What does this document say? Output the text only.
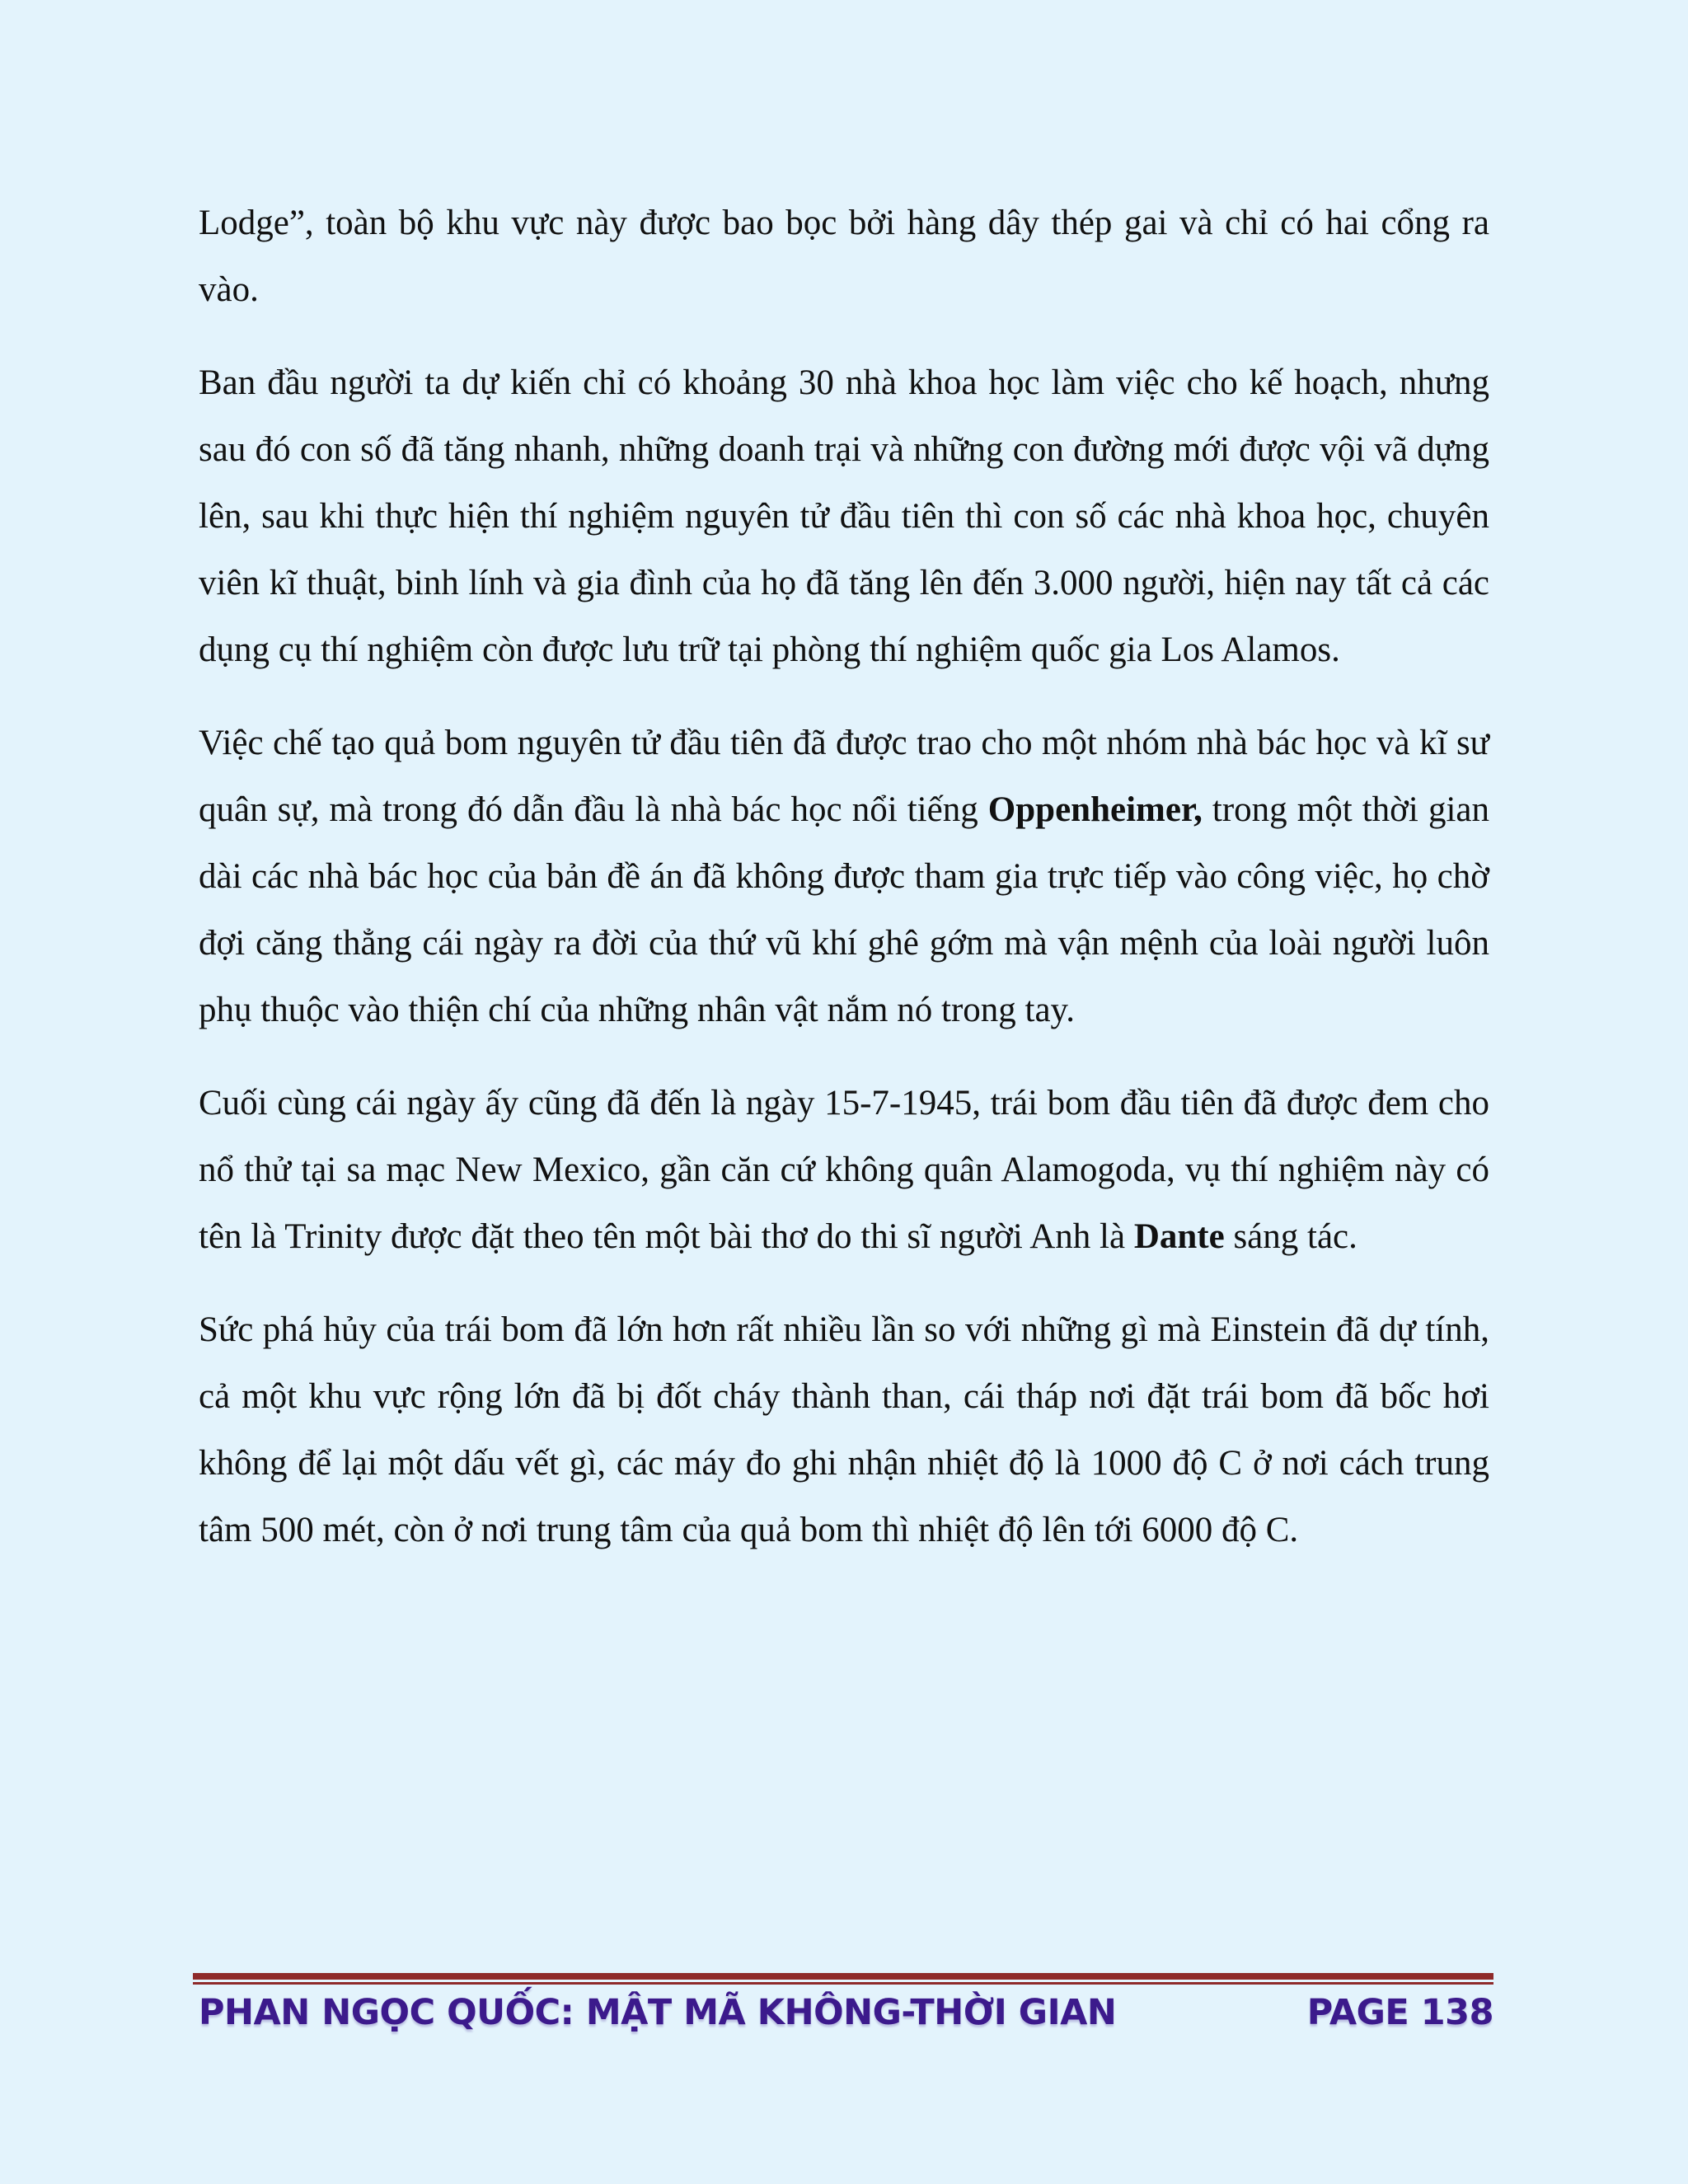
Lodge”, toàn bộ khu vực này được bao bọc bởi hàng dây thép gai và chỉ có hai cổng ra vào.

Ban đầu người ta dự kiến chỉ có khoảng 30 nhà khoa học làm việc cho kế hoạch, nhưng sau đó con số đã tăng nhanh, những doanh trại và những con đường mới được vội vã dựng lên, sau khi thực hiện thí nghiệm nguyên tử đầu tiên thì con số các nhà khoa học, chuyên viên kĩ thuật, binh lính và gia đình của họ đã tăng lên đến 3.000 người, hiện nay tất cả các dụng cụ thí nghiệm còn được lưu trữ tại phòng thí nghiệm quốc gia Los Alamos.

Việc chế tạo quả bom nguyên tử đầu tiên đã được trao cho một nhóm nhà bác học và kĩ sư quân sự, mà trong đó dẫn đầu là nhà bác học nổi tiếng Oppenheimer, trong một thời gian dài các nhà bác học của bản đề án đã không được tham gia trực tiếp vào công việc, họ chờ đợi căng thẳng cái ngày ra đời của thứ vũ khí ghê gớm mà vận mệnh của loài người luôn phụ thuộc vào thiện chí của những nhân vật nắm nó trong tay.

Cuối cùng cái ngày ấy cũng đã đến là ngày 15-7-1945, trái bom đầu tiên đã được đem cho nổ thử tại sa mạc New Mexico, gần căn cứ không quân Alamogoda, vụ thí nghiệm này có tên là Trinity được đặt theo tên một bài thơ do thi sĩ người Anh là Dante sáng tác.

Sức phá hủy của trái bom đã lớn hơn rất nhiều lần so với những gì mà Einstein đã dự tính, cả một khu vực rộng lớn đã bị đốt cháy thành than, cái tháp nơi đặt trái bom đã bốc hơi không để lại một dấu vết gì, các máy đo ghi nhận nhiệt độ là 1000 độ C ở nơi cách trung tâm 500 mét, còn ở nơi trung tâm của quả bom thì nhiệt độ lên tới 6000 độ C.

PHAN NGỌC QUỐC: MẬT MÃ KHÔNG-THỜI GIAN	PAGE 138
